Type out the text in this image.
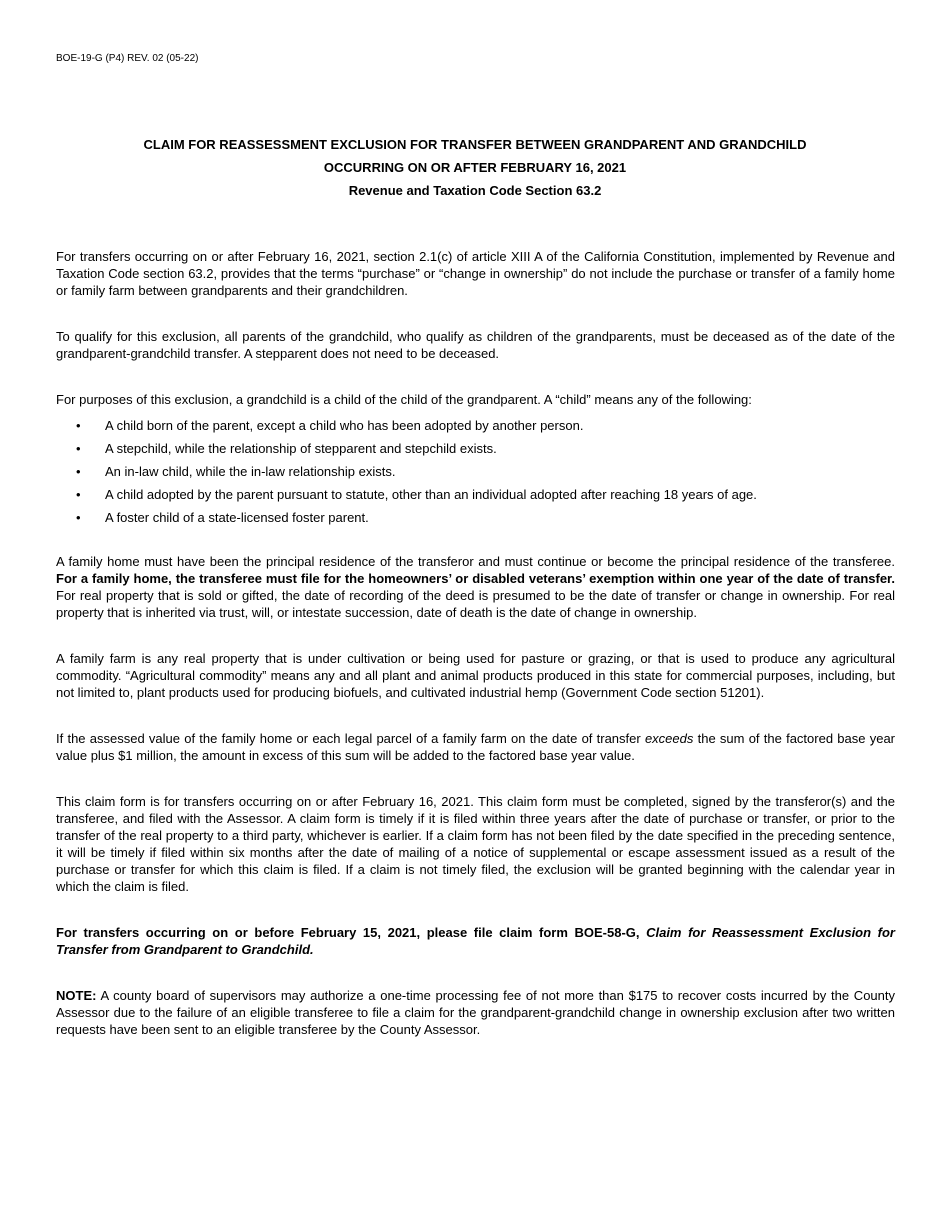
BOE-19-G (P4) REV. 02 (05-22)
CLAIM FOR REASSESSMENT EXCLUSION FOR TRANSFER BETWEEN GRANDPARENT AND GRANDCHILD
OCCURRING ON OR AFTER FEBRUARY 16, 2021
Revenue and Taxation Code Section 63.2

For transfers occurring on or after February 16, 2021, section 2.1(c) of article XIII A of the California Constitution, implemented by Revenue and Taxation Code section 63.2, provides that the terms “purchase” or “change in ownership” do not include the purchase or transfer of a family home or family farm between grandparents and their grandchildren.

To qualify for this exclusion, all parents of the grandchild, who qualify as children of the grandparents, must be deceased as of the date of the grandparent-grandchild transfer. A stepparent does not need to be deceased.

For purposes of this exclusion, a grandchild is a child of the child of the grandparent. A “child” means any of the following:

• A child born of the parent, except a child who has been adopted by another person.
• A stepchild, while the relationship of stepparent and stepchild exists.
• An in-law child, while the in-law relationship exists.
• A child adopted by the parent pursuant to statute, other than an individual adopted after reaching 18 years of age.
• A foster child of a state-licensed foster parent.

A family home must have been the principal residence of the transferor and must continue or become the principal residence of the transferee. For a family home, the transferee must file for the homeowners’ or disabled veterans’ exemption within one year of the date of transfer. For real property that is sold or gifted, the date of recording of the deed is presumed to be the date of transfer or change in ownership. For real property that is inherited via trust, will, or intestate succession, date of death is the date of change in ownership.

A family farm is any real property that is under cultivation or being used for pasture or grazing, or that is used to produce any agricultural commodity. “Agricultural commodity” means any and all plant and animal products produced in this state for commercial purposes, including, but not limited to, plant products used for producing biofuels, and cultivated industrial hemp (Government Code section 51201).

If the assessed value of the family home or each legal parcel of a family farm on the date of transfer exceeds the sum of the factored base year value plus $1 million, the amount in excess of this sum will be added to the factored base year value.

This claim form is for transfers occurring on or after February 16, 2021. This claim form must be completed, signed by the transferor(s) and the transferee, and filed with the Assessor. A claim form is timely if it is filed within three years after the date of purchase or transfer, or prior to the transfer of the real property to a third party, whichever is earlier. If a claim form has not been filed by the date specified in the preceding sentence, it will be timely if filed within six months after the date of mailing of a notice of supplemental or escape assessment issued as a result of the purchase or transfer for which this claim is filed. If a claim is not timely filed, the exclusion will be granted beginning with the calendar year in which the claim is filed.

For transfers occurring on or before February 15, 2021, please file claim form BOE-58-G, Claim for Reassessment Exclusion for Transfer from Grandparent to Grandchild.

NOTE: A county board of supervisors may authorize a one-time processing fee of not more than $175 to recover costs incurred by the County Assessor due to the failure of an eligible transferee to file a claim for the grandparent-grandchild change in ownership exclusion after two written requests have been sent to an eligible transferee by the County Assessor.
